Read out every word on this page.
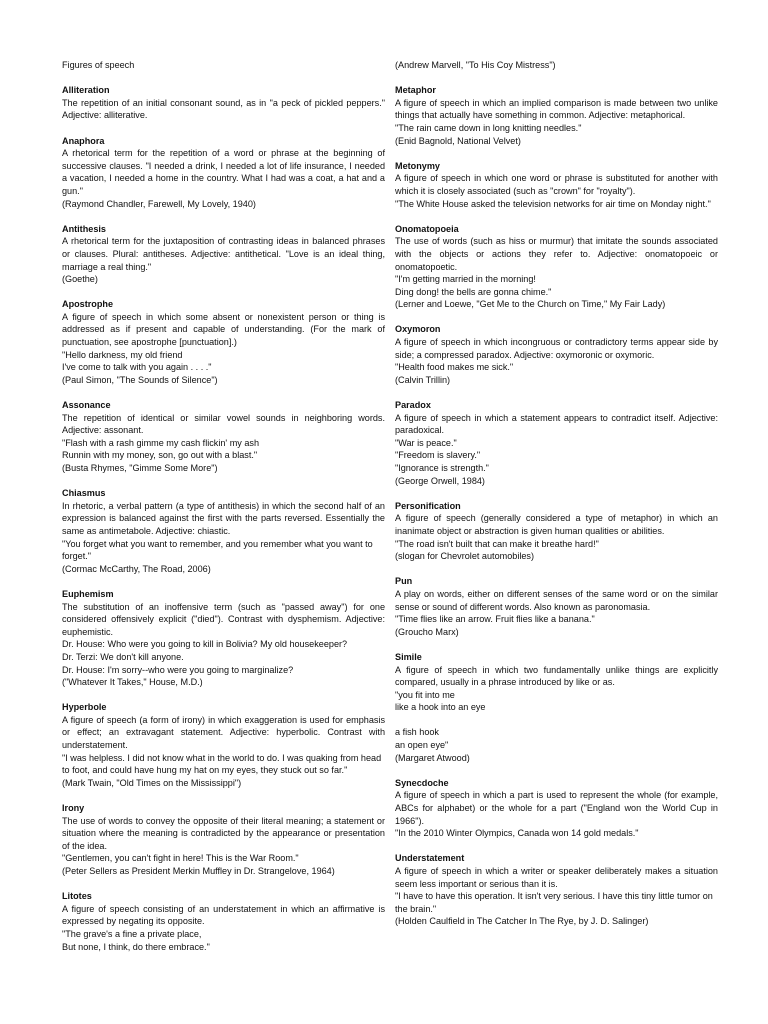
Figures of speech
Alliteration
The repetition of an initial consonant sound, as in "a peck of pickled peppers." Adjective: alliterative.
Anaphora
A rhetorical term for the repetition of a word or phrase at the beginning of successive clauses. "I needed a drink, I needed a lot of life insurance, I needed a vacation, I needed a home in the country. What I had was a coat, a hat and a gun."
(Raymond Chandler, Farewell, My Lovely, 1940)
Antithesis
A rhetorical term for the juxtaposition of contrasting ideas in balanced phrases or clauses. Plural: antitheses. Adjective: antithetical. "Love is an ideal thing, marriage a real thing."
(Goethe)
Apostrophe
A figure of speech in which some absent or nonexistent person or thing is addressed as if present and capable of understanding. (For the mark of punctuation, see apostrophe [punctuation].)
"Hello darkness, my old friend
I've come to talk with you again . . . ."
(Paul Simon, "The Sounds of Silence")
Assonance
The repetition of identical or similar vowel sounds in neighboring words. Adjective: assonant.
"Flash with a rash gimme my cash flickin' my ash
Runnin with my money, son, go out with a blast."
(Busta Rhymes, "Gimme Some More")
Chiasmus
In rhetoric, a verbal pattern (a type of antithesis) in which the second half of an expression is balanced against the first with the parts reversed. Essentially the same as antimetabole. Adjective: chiastic.
"You forget what you want to remember, and you remember what you want to forget."
(Cormac McCarthy, The Road, 2006)
Euphemism
The substitution of an inoffensive term (such as "passed away") for one considered offensively explicit ("died"). Contrast with dysphemism. Adjective: euphemistic.
Dr. House: Who were you going to kill in Bolivia? My old housekeeper?
Dr. Terzi: We don't kill anyone.
Dr. House: I'm sorry--who were you going to marginalize?
("Whatever It Takes," House, M.D.)
Hyperbole
A figure of speech (a form of irony) in which exaggeration is used for emphasis or effect; an extravagant statement. Adjective: hyperbolic. Contrast with understatement.
"I was helpless. I did not know what in the world to do. I was quaking from head to foot, and could have hung my hat on my eyes, they stuck out so far."
(Mark Twain, "Old Times on the Mississippi")
Irony
The use of words to convey the opposite of their literal meaning; a statement or situation where the meaning is contradicted by the appearance or presentation of the idea.
"Gentlemen, you can't fight in here! This is the War Room."
(Peter Sellers as President Merkin Muffley in Dr. Strangelove, 1964)
Litotes
A figure of speech consisting of an understatement in which an affirmative is expressed by negating its opposite.
"The grave's a fine a private place,
But none, I think, do there embrace."
(Andrew Marvell, "To His Coy Mistress")
Metaphor
A figure of speech in which an implied comparison is made between two unlike things that actually have something in common. Adjective: metaphorical.
"The rain came down in long knitting needles."
(Enid Bagnold, National Velvet)
Metonymy
A figure of speech in which one word or phrase is substituted for another with which it is closely associated (such as "crown" for "royalty").
"The White House asked the television networks for air time on Monday night."
Onomatopoeia
The use of words (such as hiss or murmur) that imitate the sounds associated with the objects or actions they refer to. Adjective: onomatopoeic or onomatopoetic.
"I'm getting married in the morning!
Ding dong! the bells are gonna chime."
(Lerner and Loewe, "Get Me to the Church on Time," My Fair Lady)
Oxymoron
A figure of speech in which incongruous or contradictory terms appear side by side; a compressed paradox. Adjective: oxymoronic or oxymoric.
"Health food makes me sick."
(Calvin Trillin)
Paradox
A figure of speech in which a statement appears to contradict itself. Adjective: paradoxical.
"War is peace."
"Freedom is slavery."
"Ignorance is strength."
(George Orwell, 1984)
Personification
A figure of speech (generally considered a type of metaphor) in which an inanimate object or abstraction is given human qualities or abilities.
"The road isn't built that can make it breathe hard!"
(slogan for Chevrolet automobiles)
Pun
A play on words, either on different senses of the same word or on the similar sense or sound of different words. Also known as paronomasia.
"Time flies like an arrow. Fruit flies like a banana."
(Groucho Marx)
Simile
A figure of speech in which two fundamentally unlike things are explicitly compared, usually in a phrase introduced by like or as.
"you fit into me
like a hook into an eye
a fish hook
an open eye"
(Margaret Atwood)
Synecdoche
A figure of speech in which a part is used to represent the whole (for example, ABCs for alphabet) or the whole for a part ("England won the World Cup in 1966").
"In the 2010 Winter Olympics, Canada won 14 gold medals."
Understatement
A figure of speech in which a writer or speaker deliberately makes a situation seem less important or serious than it is.
"I have to have this operation. It isn't very serious. I have this tiny little tumor on the brain."
(Holden Caulfield in The Catcher In The Rye, by J. D. Salinger)
